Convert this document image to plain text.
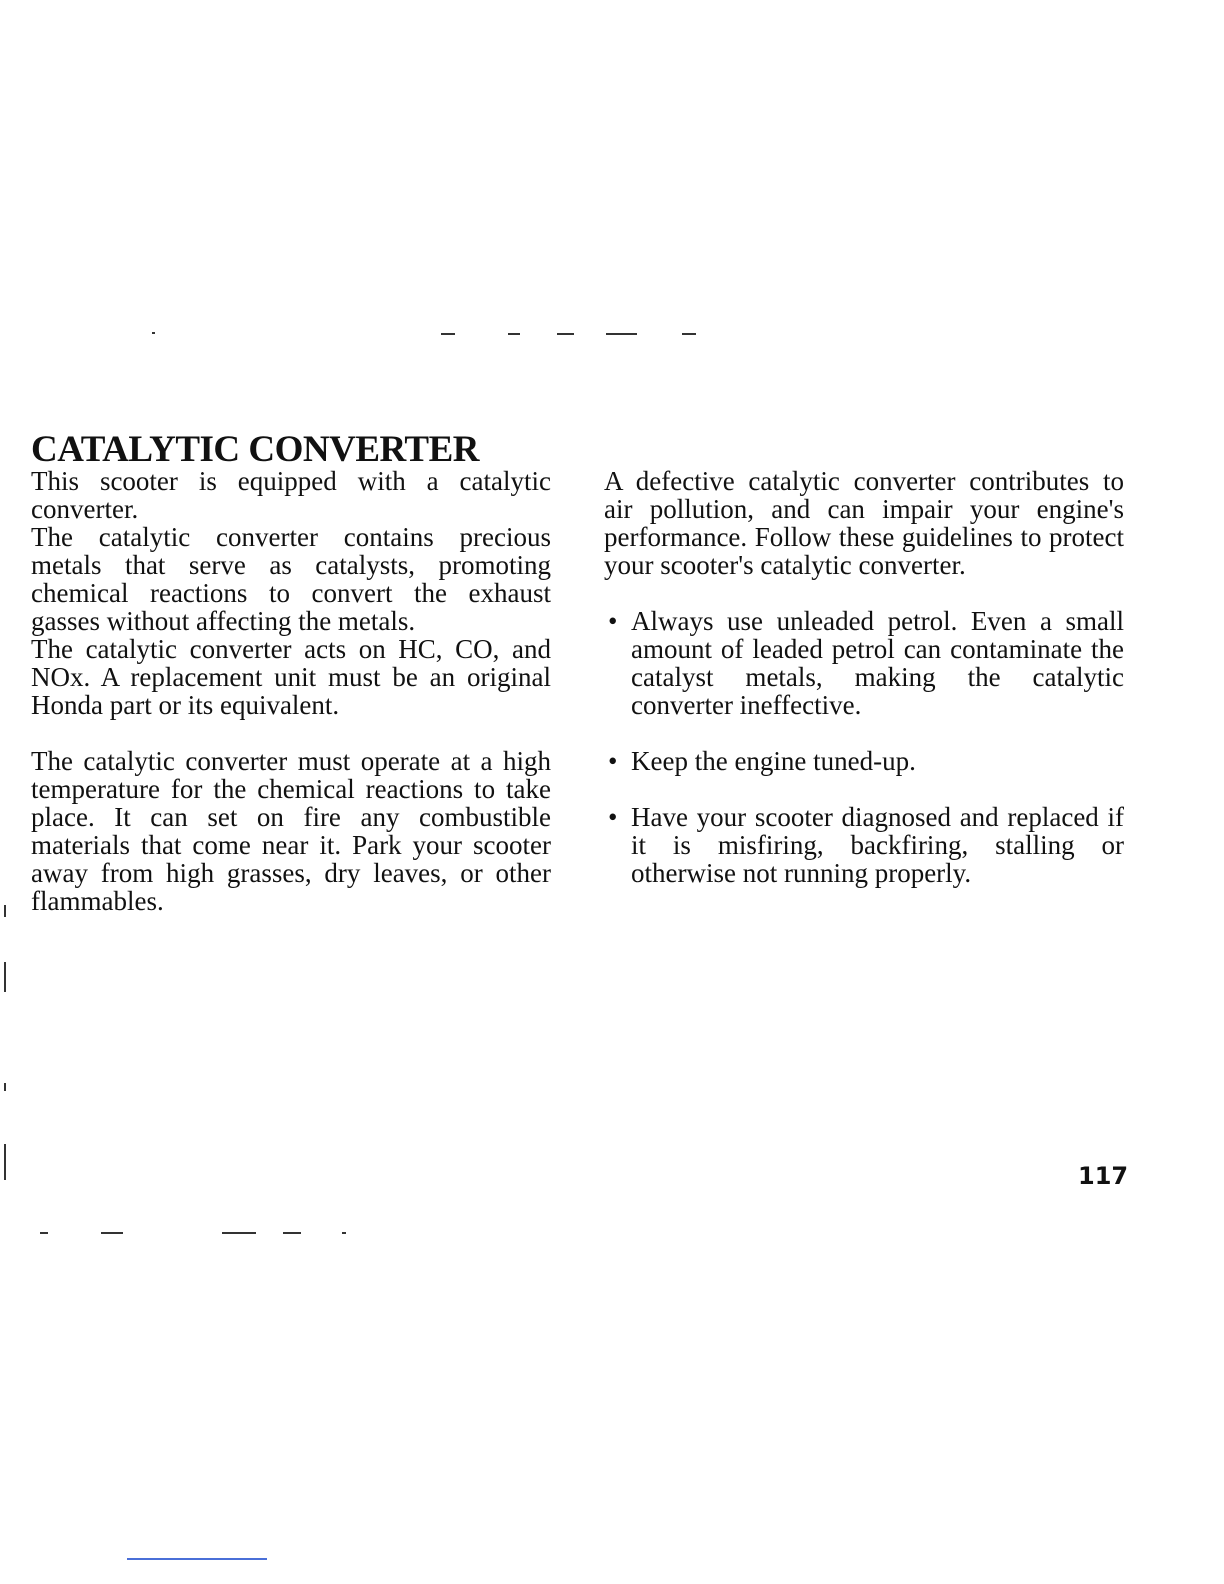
CATALYTIC CONVERTER

This scooter is equipped with a catalytic converter.

The catalytic converter contains precious metals that serve as catalysts, promoting chemical reactions to convert the exhaust gasses without affecting the metals.

The catalytic converter acts on HC, CO, and NOx. A replacement unit must be an original Honda part or its equivalent.

The catalytic converter must operate at a high temperature for the chemical reactions to take place. It can set on fire any combustible materials that come near it. Park your scooter away from high grasses, dry leaves, or other flammables.

A defective catalytic converter contributes to air pollution, and can impair your engine's performance. Follow these guidelines to protect your scooter's catalytic converter.

• Always use unleaded petrol. Even a small amount of leaded petrol can contaminate the catalyst metals, making the catalytic converter ineffective.
• Keep the engine tuned-up.
• Have your scooter diagnosed and replaced if it is misfiring, backfiring, stalling or otherwise not running properly.
117
